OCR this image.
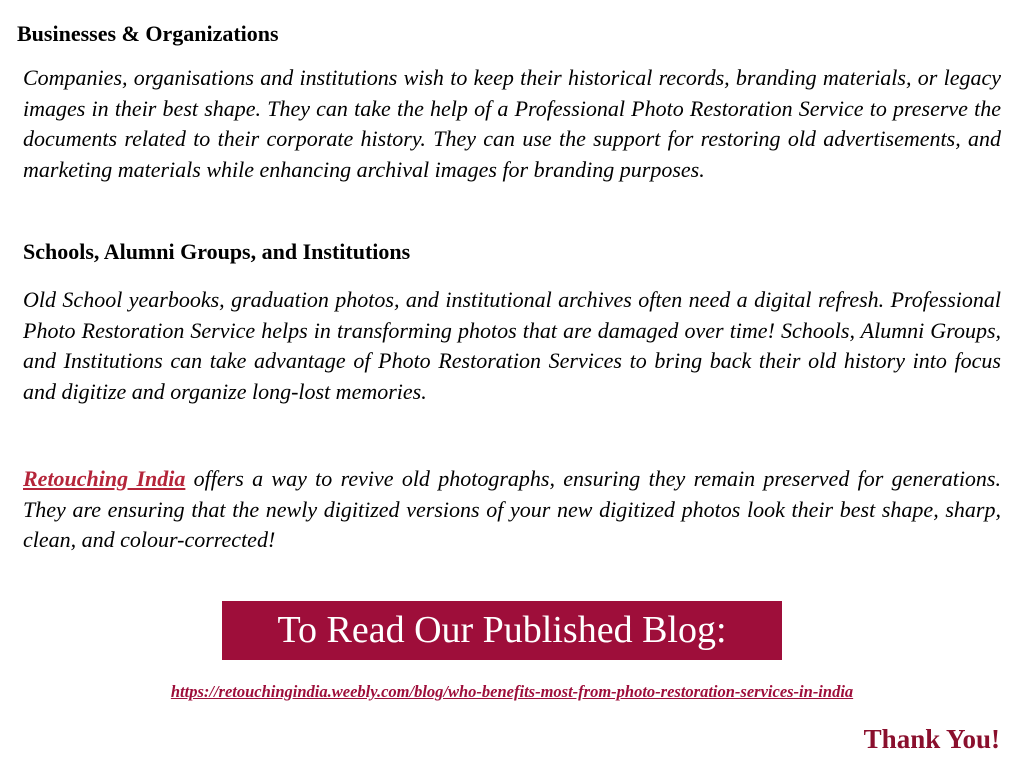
Businesses & Organizations

Companies, organisations and institutions wish to keep their historical records, branding materials, or legacy images in their best shape. They can take the help of a Professional Photo Restoration Service to preserve the documents related to their corporate history. They can use the support for restoring old advertisements, and marketing materials while enhancing archival images for branding purposes.

Schools, Alumni Groups, and Institutions

Old School yearbooks, graduation photos, and institutional archives often need a digital refresh. Professional Photo Restoration Service helps in transforming photos that are damaged over time! Schools, Alumni Groups, and Institutions can take advantage of Photo Restoration Services to bring back their old history into focus and digitize and organize long-lost memories.

Retouching India offers a way to revive old photographs, ensuring they remain preserved for generations. They are ensuring that the newly digitized versions of your new digitized photos look their best shape, sharp, clean, and colour-corrected!

To Read Our Published Blog:
https://retouchingindia.weebly.com/blog/who-benefits-most-from-photo-restoration-services-in-india
Thank You!
